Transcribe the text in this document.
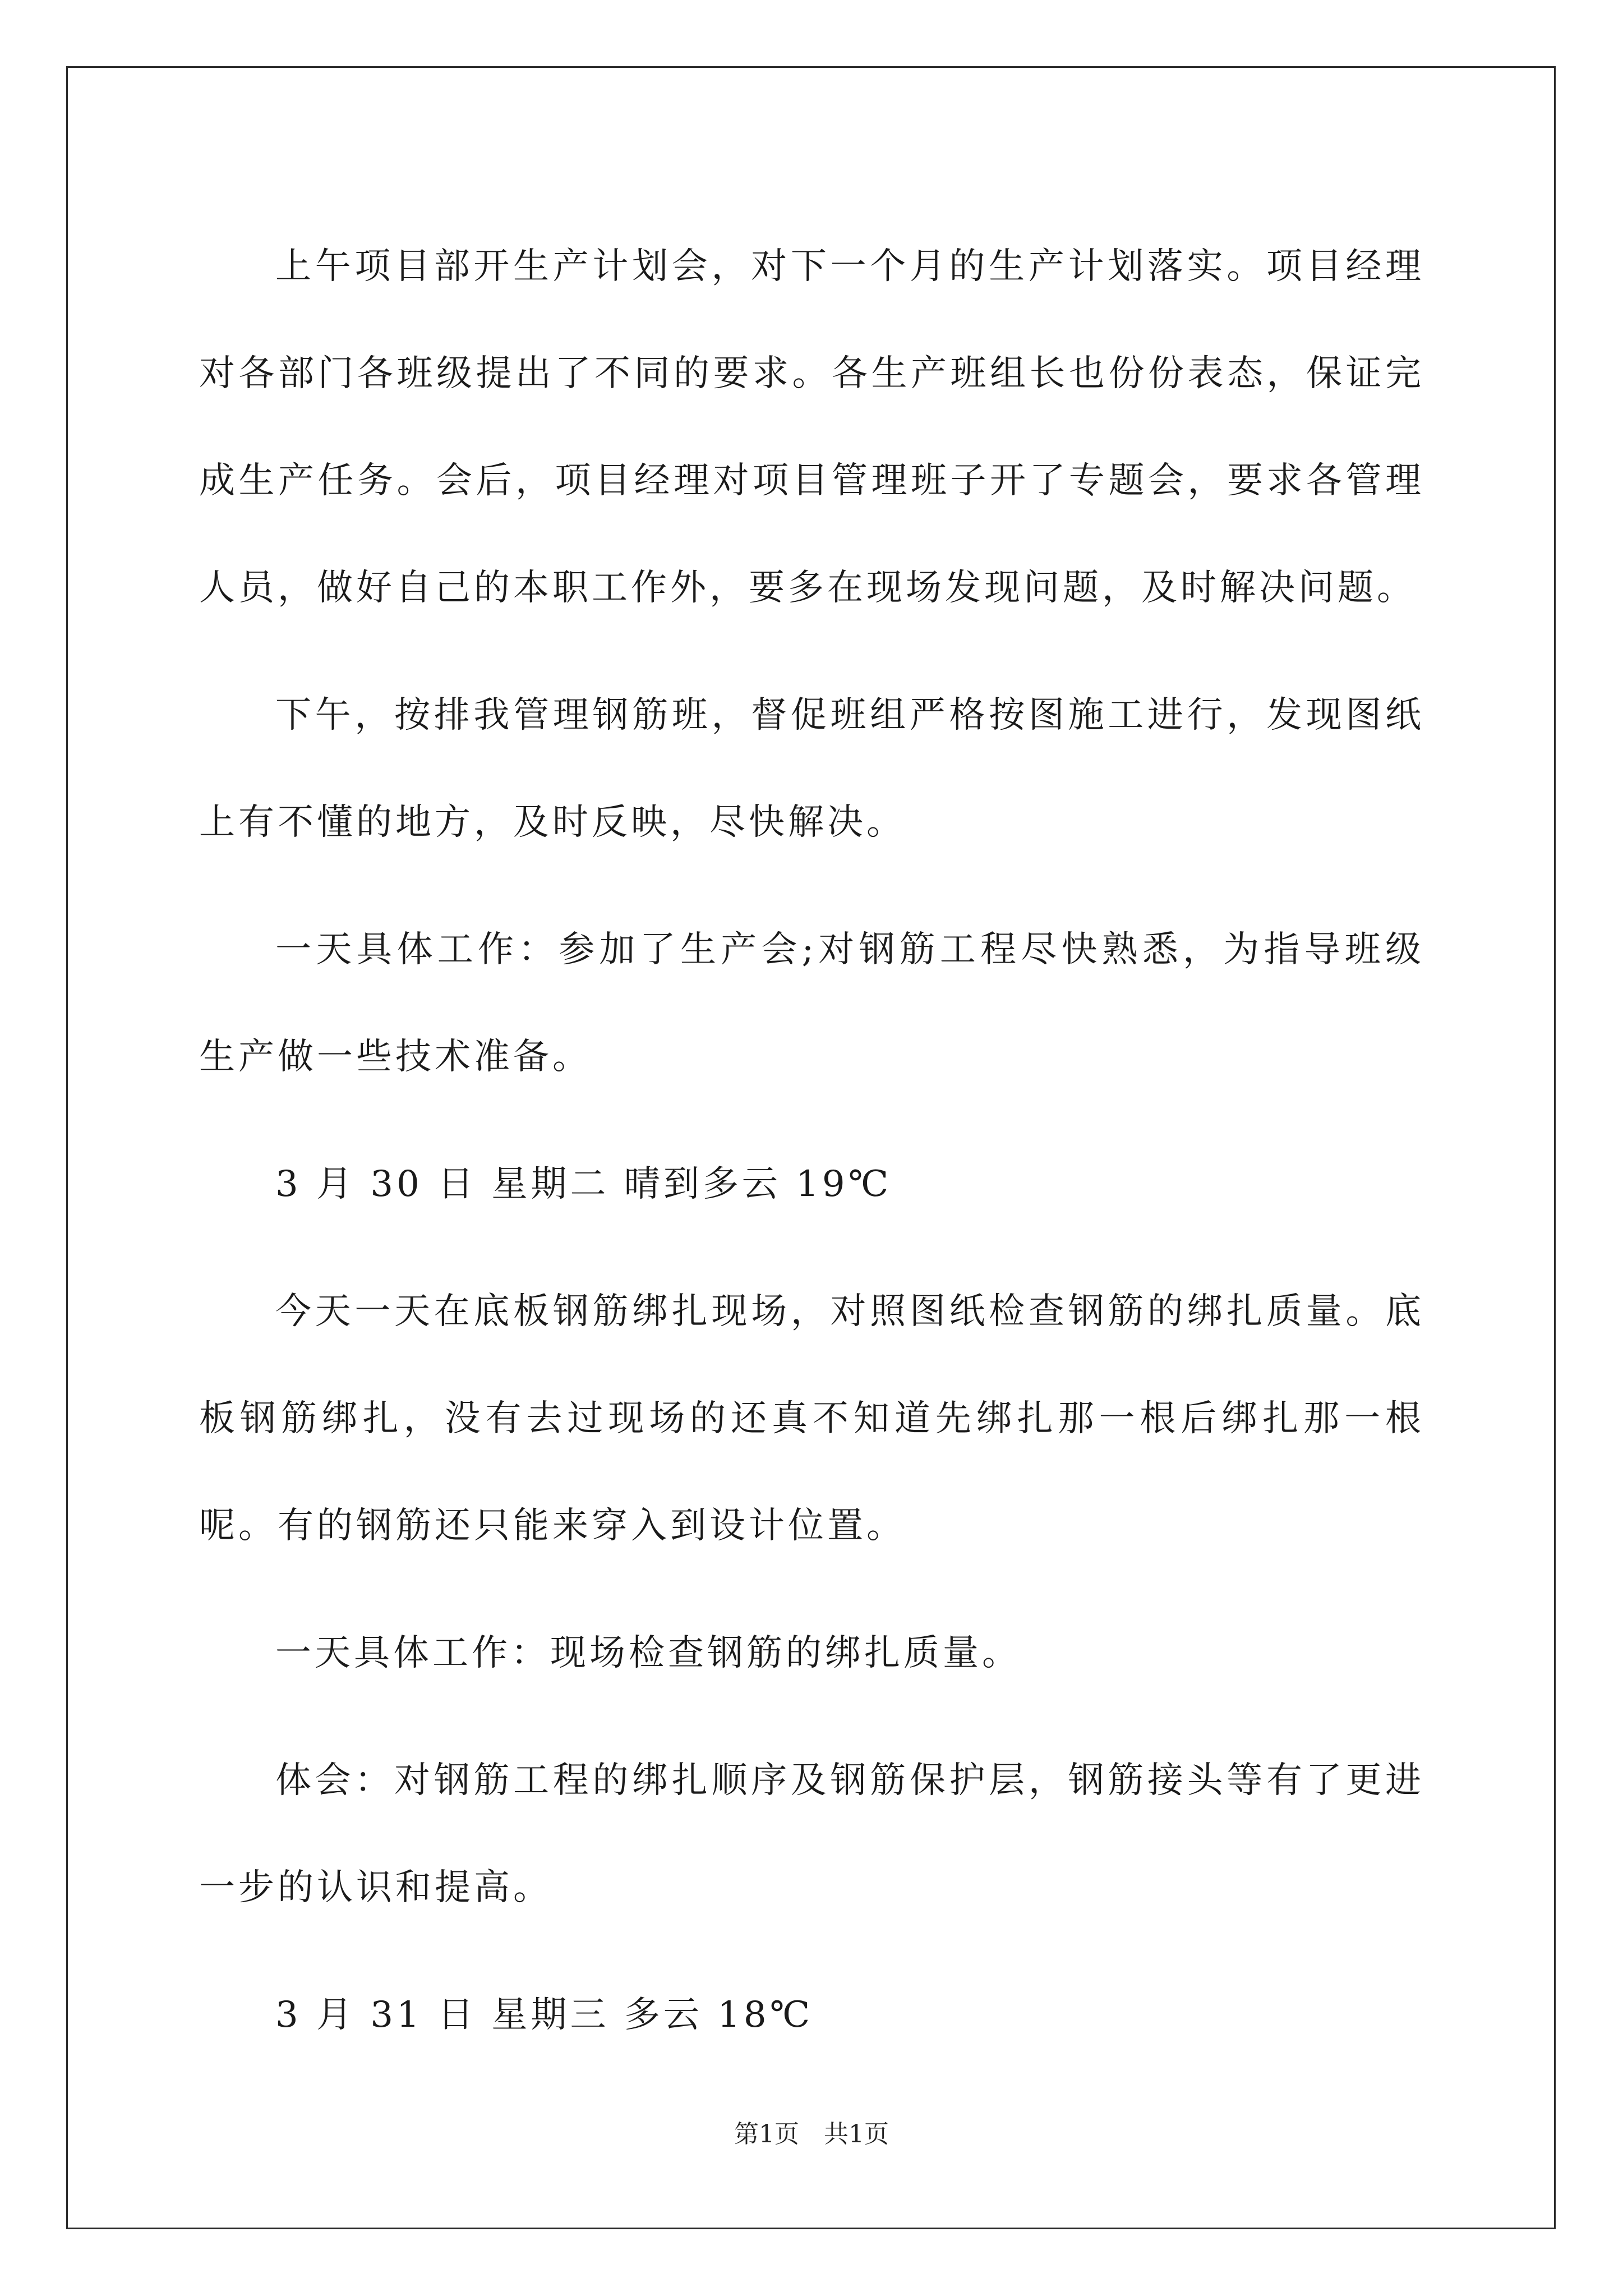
上午项目部开生产计划会，对下一个月的生产计划落实。项目经理对各部门各班级提出了不同的要求。各生产班组长也份份表态，保证完成生产任务。会后，项目经理对项目管理班子开了专题会，要求各管理人员，做好自己的本职工作外，要多在现场发现问题，及时解决问题。

下午，按排我管理钢筋班，督促班组严格按图施工进行，发现图纸上有不懂的地方，及时反映，尽快解决。

一天具体工作：参加了生产会;对钢筋工程尽快熟悉，为指导班级生产做一些技术准备。

3 月 30 日 星期二 晴到多云 19℃

今天一天在底板钢筋绑扎现场，对照图纸检查钢筋的绑扎质量。底板钢筋绑扎，没有去过现场的还真不知道先绑扎那一根后绑扎那一根呢。有的钢筋还只能来穿入到设计位置。

一天具体工作：现场检查钢筋的绑扎质量。

体会：对钢筋工程的绑扎顺序及钢筋保护层，钢筋接头等有了更进一步的认识和提高。

3 月 31 日 星期三 多云 18℃

第1页　共1页
